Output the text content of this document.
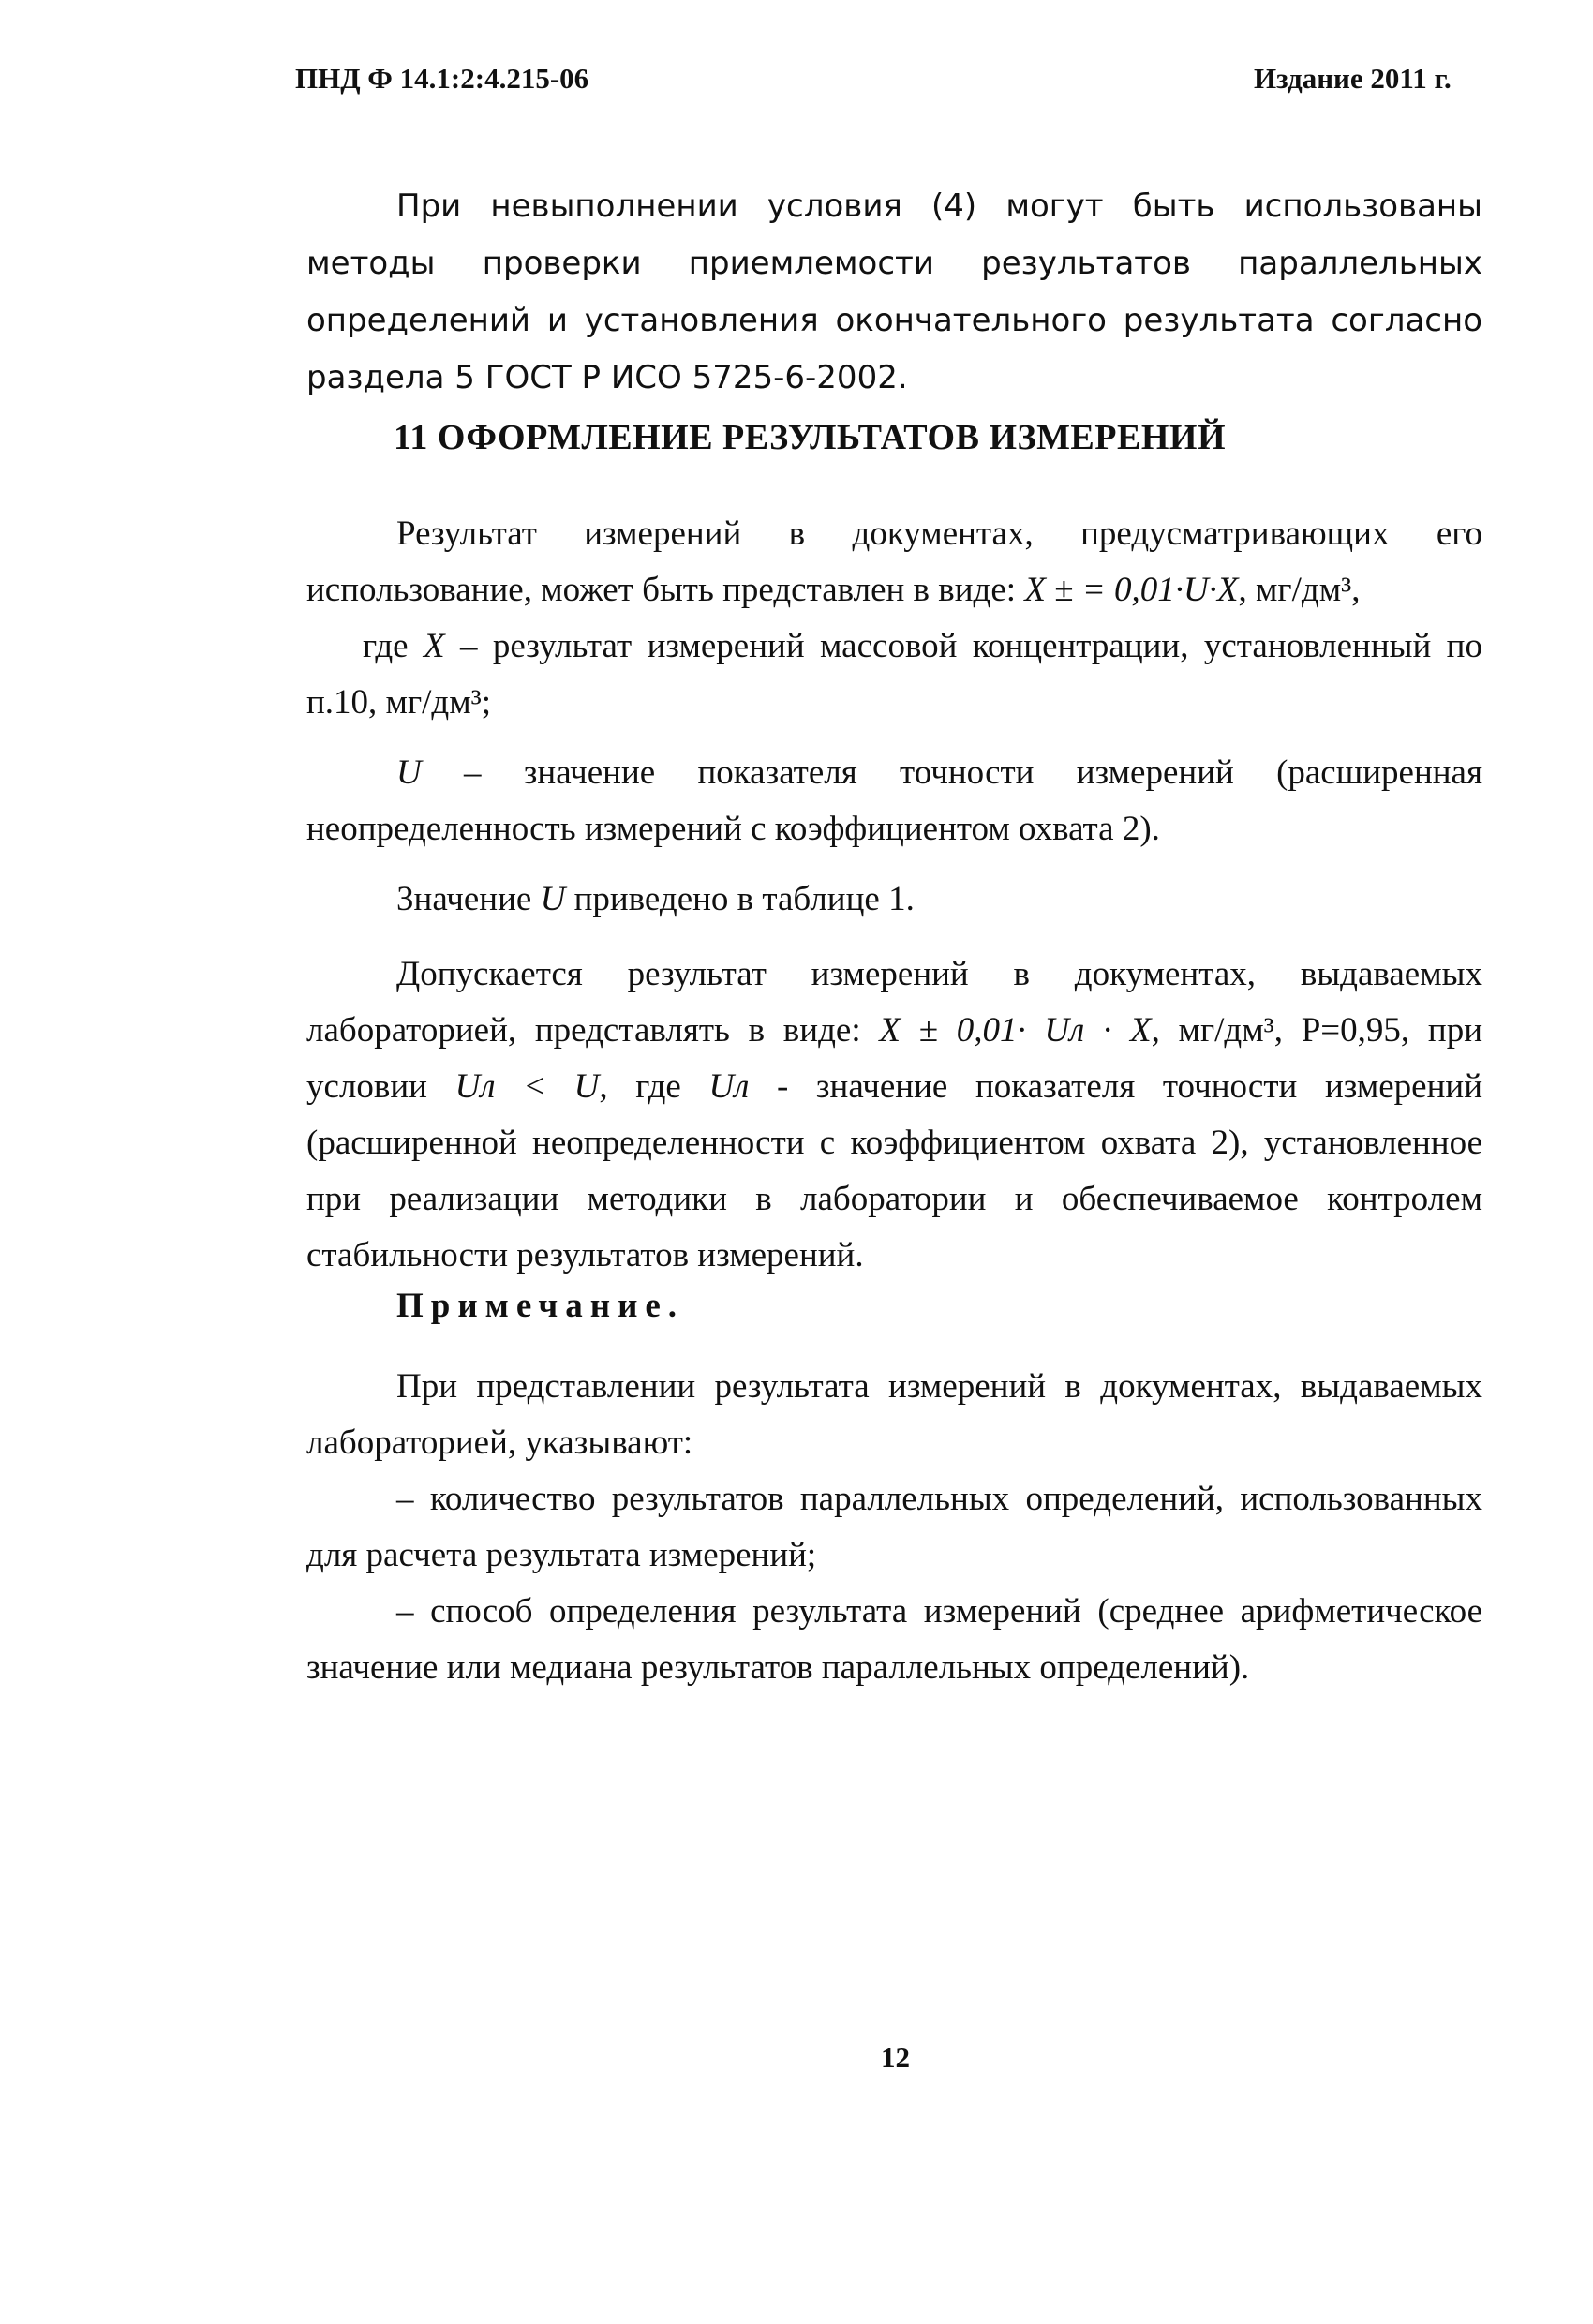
ПНД Ф 14.1:2:4.215-06	Издание 2011 г.
При невыполнении условия (4) могут быть использованы методы проверки приемлемости результатов параллельных определений и установления окончательного результата согласно раздела 5 ГОСТ Р ИСО 5725-6-2002.
11 ОФОРМЛЕНИЕ РЕЗУЛЬТАТОВ ИЗМЕРЕНИЙ
Результат измерений в документах, предусматривающих его использование, может быть представлен в виде: X ± = 0,01·U·X, мг/дм³,
где X – результат измерений массовой концентрации, установленный по п.10, мг/дм³;
U – значение показателя точности измерений (расширенная неопределенность измерений с коэффициентом охвата 2).
Значение U приведено в таблице 1.
Допускается результат измерений в документах, выдаваемых лабораторией, представлять в виде: X ± 0,01· Uл · X, мг/дм³, P=0,95, при условии Uл < U, где Uл - значение показателя точности измерений (расширенной неопределенности с коэффициентом охвата 2), установленное при реализации методики в лаборатории и обеспечиваемое контролем стабильности результатов измерений.
Примечание.
При представлении результата измерений в документах, выдаваемых лабораторией, указывают:
– количество результатов параллельных определений, использованных для расчета результата измерений;
– способ определения результата измерений (среднее арифметическое значение или медиана результатов параллельных определений).
12
